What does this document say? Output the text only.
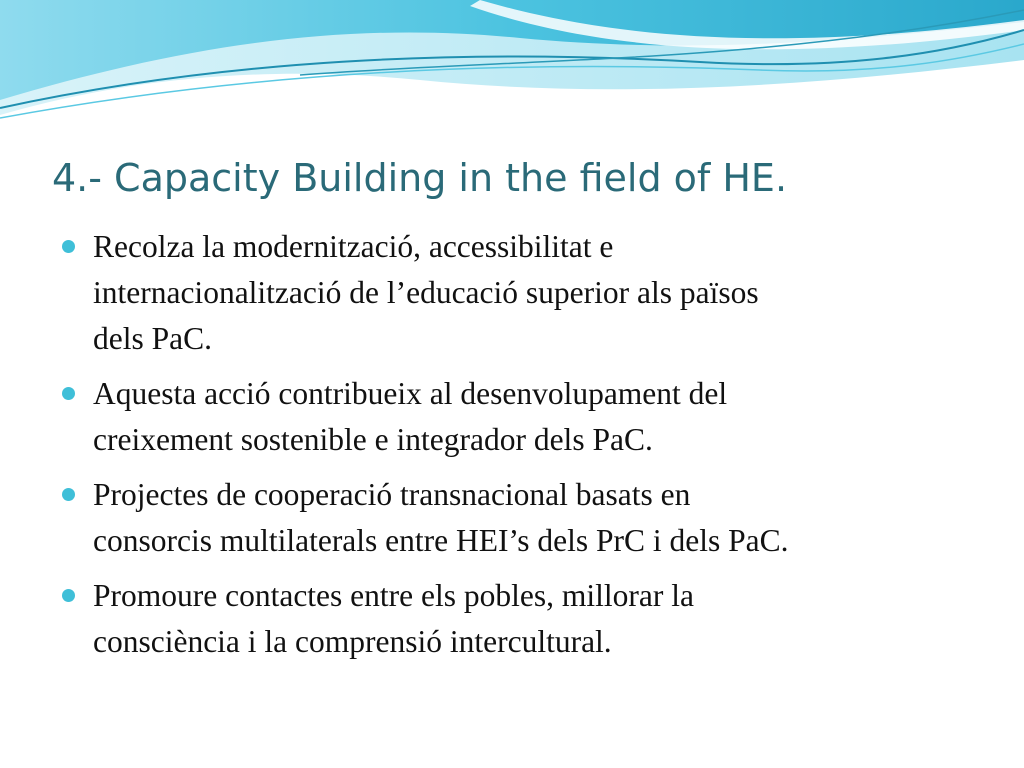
4.- Capacity Building in the field of HE.
Recolza la modernització, accessibilitat e
internacionalització de l’educació superior als països
dels PaC.
Aquesta acció contribueix al desenvolupament del
creixement sostenible e integrador dels PaC.
Projectes de cooperació transnacional basats en
consorcis multilaterals entre HEI’s dels PrC i dels PaC.
Promoure contactes entre els pobles, millorar la
consciència i la comprensió intercultural.
